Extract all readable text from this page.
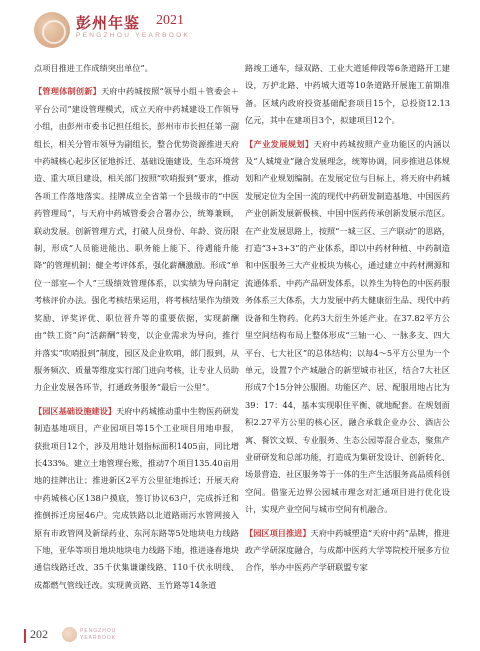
彭州年鉴 2021
PENGZHOU YEARBOOK

点项目推进工作成绩突出单位”。

【管理体制创新】天府中药城按照“领导小组＋管委会＋平台公司”建设管理模式，成立天府中药城建设工作领导小组，由彭州市委书记担任组长，彭州市市长担任第一副组长，相关分管市领导为副组长，整合优势资源推进天府中药城核心起步区征地拆迁、基础设施建设、生态环境营造、重大项目建设，相关部门按照“吹哨报到”要求，推动各项工作落地落实。挂牌成立全省第一个县级市的“中医药管理局”，与天府中药城管委会合署办公，统筹兼顾，联动发展。创新管理方式，打破人员身份、年龄、资历限制，形成“人员能进能出、职务能上能下、待遇能升能降”的管理机制；健全考评体系，强化薪酬激励。形成“单位一部室—个人”三级绩效管理体系，以实绩为导向制定考核评价办法。强化考核结果运用，将考核结果作为绩效奖励、评奖评优、职位晋升等的重要依据，实现薪酬由“铁工资”向“活薪酬”转变，以企业需求为导向，推行并落实“吹哨报到”制度，园区及企业吹哨，部门报到，从服务频次、质量等维度实行部门进向考核，让专业人员助力企业发展各环节，打通政务服务“最后一公里”。

【园区基础设施建设】天府中药城推动重中生物医药研发制造基地项目，产业园项目等15个工业项目用地申报，获批项目12个，涉及用地计划指标面积1405亩，同比增长433%。建立土地管理台账，推动7个项目135.40亩用地的挂牌出让；推进新区2平方公里征地拆迁；开展天府中药城核心区138户摸底，签订协议63户，完成拆迁和推倒拆迁房屋46户。完成铁路以北道路雨污水管网接入原有市政管网及新绿药业、东河东路等5处地块电力线路下地，亚华等项目地块地块电力线路下地，推进逢春地块通信线路迁改、35千伏集谦谦线路、110千伏永明线、成都燃气管线迁改。实现黄贡路、玉竹路等14条道

路竣工通车，绿双路、工业大道延伸段等6条道路开工建设，万护北路、中药城大道等10条道路开展施工前期准备。区域内政府投资基础配套项目15个，总投资12.13亿元，其中在建项目3个，拟建项目12个。

【产业发展规划】天府中药城按照产业功能区的内涵以及“人城境业”融合发展理念，统筹协调，同步推进总体规划和产业规划编制。在发展定位与目标上，将天府中药城发展定位为全国一流的现代中药研发制造基地、中国医药产业创新发展新极核、中国中医药传承创新发展示范区。在产业发展思路上，按照“一城三区、三产联动”的思路，打造“3+3+3”的产业体系，即以中药材种植、中药制造和中医服务三大产业板块为核心，通过建立中药材溯源和流通体系、中药产品研发体系，以养生为特色的中医药服务体系三大体系，大力发展中药大健康衍生品、现代中药设备和生物药。化药3大衍生外延产业。在37.82平方公里空间结构布局上整体形成“三轴一心、一脉多支、四大平台、七大社区”的总体结构；以每4～5平方公里为一个单元，设置7个产城融合的新型城市社区，结合7大社区形成7个15分钟公服圈。功能区产、居、配服用地占比为39：17：44，基本实现职住平衡、就地配套。在规划面积2.27平方公里的核心区，融合承载企业办公、酒店公寓、餐饮文娱、专业服务、生态公园等混合业态，聚焦产业研研发和总部功能，打造成为集研发设计、创新转化、场景营造、社区服务等于一体的生产生活服务高品质科创空间。借鉴无边界公园城市理念对汇通项目进行优化设计，实现产业空间与城市空间有机融合。

【园区项目推进】天府中药城塑造“天府中药”品牌，推进政产学研深度融合，与成都中医药大学等院校开展多方位合作，举办中医药产学研联盟专家

202	PENGZHOU
YEARBOOK
